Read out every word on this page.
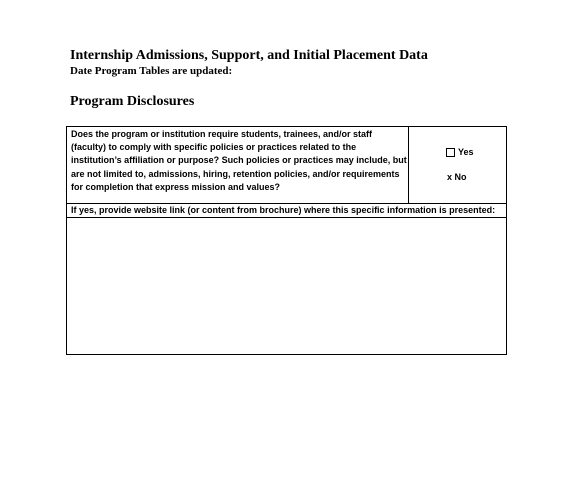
Internship Admissions, Support, and Initial Placement Data
Date Program Tables are updated:
Program Disclosures
Does the program or institution require students, trainees, and/or staff
(faculty) to comply with specific policies or practices related to the
institution’s affiliation or purpose? Such policies or practices may include, but
are not limited to, admissions, hiring, retention policies, and/or requirements
for completion that express mission and values?
Yes
x No
If yes, provide website link (or content from brochure) where this specific information is presented:
